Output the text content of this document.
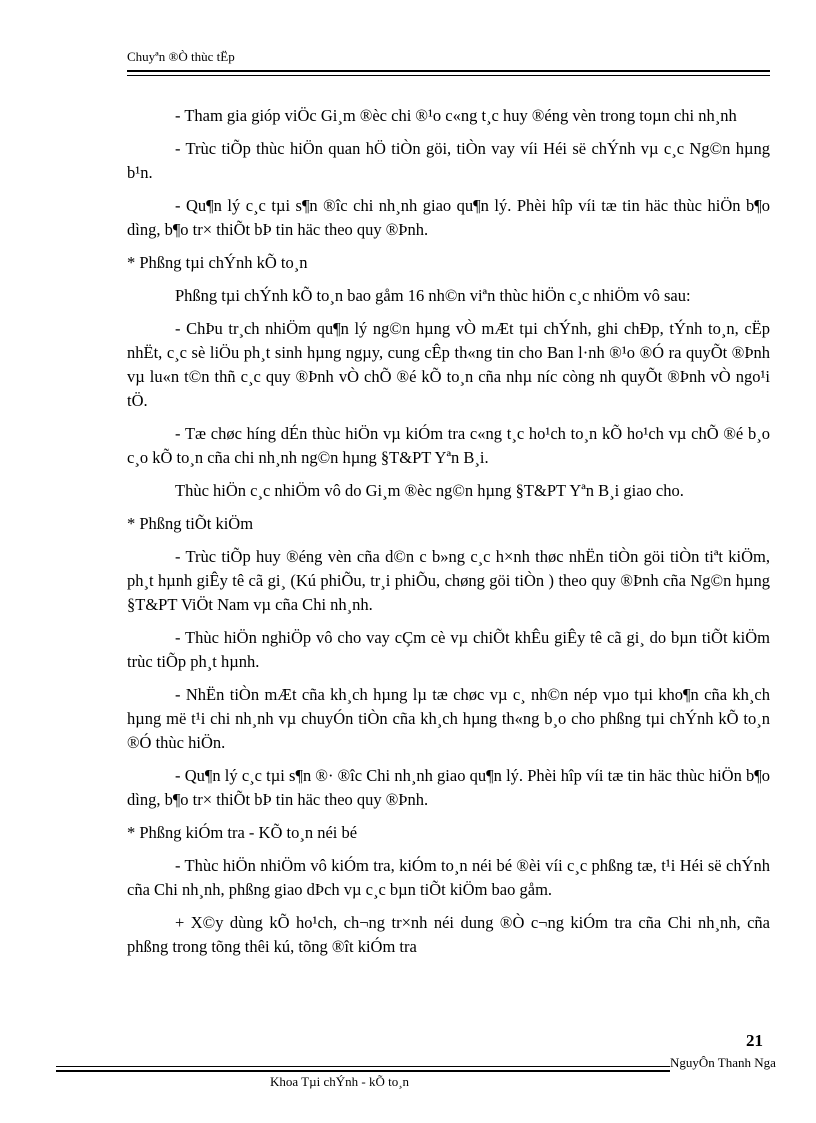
Chuyªn ®Ò thùc tËp

- Tham gia gióp viÖc Gi¸m ®èc chi ®¹o c«ng t¸c huy ®éng vèn trong toµn chi nh¸nh

- Trùc tiÕp thùc hiÖn quan hÖ tiÒn göi, tiÒn vay víi Héi së chÝnh vµ c¸c Ng©n hµng b¹n.

- Qu¶n lý c¸c tµi s¶n ®îc chi nh¸nh giao qu¶n lý. Phèi hîp víi tæ tin häc thùc hiÖn b¶o dìng, b¶o tr× thiÕt bÞ tin häc theo quy ®Þnh.

* Phßng tµi chÝnh kÕ to¸n

Phßng tµi chÝnh kÕ to¸n bao gåm 16 nh©n viªn thùc hiÖn c¸c nhiÖm vô sau:

- ChÞu tr¸ch nhiÖm qu¶n lý ng©n hµng vÒ mÆt tµi chÝnh, ghi chÐp, tÝnh to¸n, cËp nhËt, c¸c sè liÖu ph¸t sinh hµng ngµy, cung cÊp th«ng tin cho Ban l·nh ®¹o ®Ó ra quyÕt ®Þnh vµ lu«n t©n thñ c¸c quy ®Þnh vÒ chÕ ®é kÕ to¸n cña nhµ níc còng nh quyÕt ®Þnh vÒ ngo¹i tÖ.

- Tæ chøc híng dÉn thùc hiÖn vµ kiÓm tra c«ng t¸c ho¹ch to¸n kÕ ho¹ch vµ chÕ ®é b¸o c¸o kÕ to¸n cña chi nh¸nh ng©n hµng §T&PT Yªn B¸i.

Thùc hiÖn c¸c nhiÖm vô do Gi¸m ®èc ng©n hµng §T&PT Yªn B¸i giao cho.

* Phßng tiÕt kiÖm

- Trùc tiÕp huy ®éng vèn cña d©n c b»ng c¸c h×nh thøc nhËn tiÒn göi tiÒn tiªt kiÖm, ph¸t hµnh giÊy tê cã gi¸ (Kú phiÕu, tr¸i phiÕu, chøng göi tiÒn ) theo quy ®Þnh cña Ng©n hµng §T&PT ViÖt Nam vµ cña Chi nh¸nh.

- Thùc hiÖn nghiÖp vô cho vay cÇm cè vµ chiÕt khÊu giÊy tê cã gi¸ do bµn tiÕt kiÖm trùc tiÕp ph¸t hµnh.

- NhËn tiÒn mÆt cña kh¸ch hµng lµ tæ chøc vµ c¸ nh©n nép vµo tµi kho¶n cña kh¸ch hµng më t¹i chi nh¸nh vµ chuyÓn tiÒn cña kh¸ch hµng th«ng b¸o cho phßng tµi chÝnh kÕ to¸n ®Ó thùc hiÖn.

- Qu¶n lý c¸c tµi s¶n ®· ®îc Chi nh¸nh giao qu¶n lý. Phèi hîp víi tæ tin häc thùc hiÖn b¶o dìng, b¶o tr× thiÕt bÞ tin häc theo quy ®Þnh.

* Phßng kiÓm tra - KÕ to¸n néi bé

- Thùc hiÖn nhiÖm vô kiÓm tra, kiÓm to¸n néi bé ®èi víi c¸c phßng tæ, t¹i Héi së chÝnh cña Chi nh¸nh, phßng giao dÞch vµ c¸c bµn tiÕt kiÖm bao gåm.

+ X©y dùng kÕ ho¹ch, ch¬ng tr×nh néi dung ®Ò c¬ng kiÓm tra cña Chi nh¸nh, cña phßng trong tõng thêi kú, tõng ®ît kiÓm tra

21
NguyÔn Thanh Nga
Khoa Tµi chÝnh - kÕ to¸n
